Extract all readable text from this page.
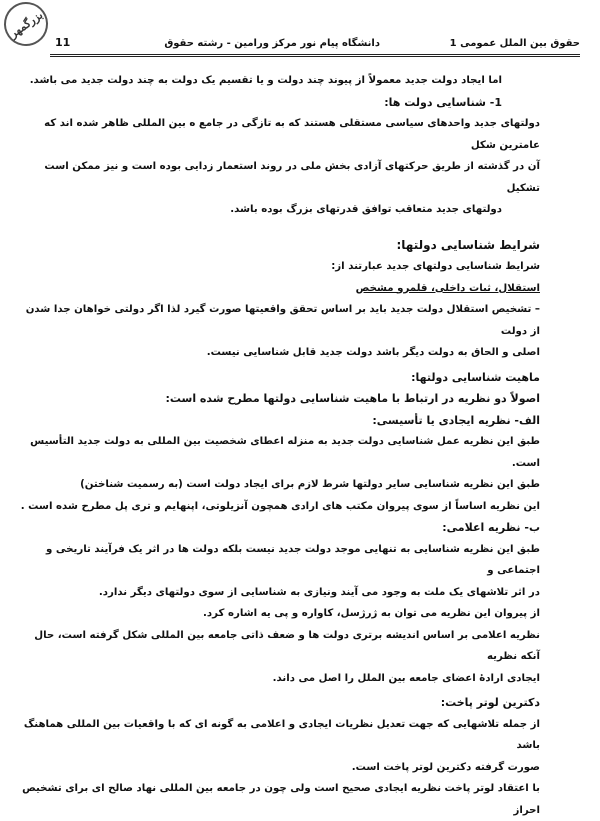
بزرگمهر
حقوق بین الملل عمومی 1
دانشگاه پیام نور مرکز ورامین - رشته حقوق
11

اما ایجاد دولت جدید معمولاً از پیوند چند دولت و یا تقسیم یک دولت به چند دولت جدید می باشد.

1- شناسایی دولت ها:

دولتهای جدید واحدهای سیاسی مستقلی هستند که به تازگی در جامع ه بین المللی ظاهر شده اند که عامترین شکل

آن در گذشته از طریق حرکتهای آزادی بخش ملی در روند استعمار زدایی بوده است و نیز ممکن است تشکیل

دولتهای جدید متعاقب توافق قدرتهای بزرگ بوده باشد.

شرایط شناسایی دولتها:

شرایط شناسایی دولتهای جدید عبارتند از:

استقلال، ثبات داخلی، قلمرو مشخص

– تشخیص استقلال دولت جدید باید بر اساس تحقق واقعیتها صورت گیرد لذا اگر دولتی خواهان جدا شدن از دولت

اصلی و الحاق به دولت دیگر باشد دولت جدید قابل شناسایی نیست.

ماهیت شناسایی دولتها:

اصولاً دو نظریه در ارتباط با ماهیت شناسایی دولتها مطرح شده است:

الف- نظریه ایجادی یا تأسیسی:

طبق این نظریه عمل شناسایی دولت جدید به منزله اعطای شخصیت بین المللی به دولت جدید التأسیس است.

طبق این نظریه شناسایی سایر دولتها شرط لازم برای ایجاد دولت است (به رسمیت شناختن)

این نظریه اساساً از سوی پیروان مکتب های ارادی همچون آنزیلوتی، اپنهایم و تری پل مطرح شده است .

ب- نظریه اعلامی:

طبق این نظریه شناسایی به تنهایی موجد دولت جدید نیست بلکه دولت ها در اثر یک فرآیند تاریخی و اجتماعی و

در اثر تلاشهای یک ملت به وجود می آیند ونیازی به شناسایی از سوی دولتهای دیگر ندارد.

از پیروان این نظریه می توان به ژرژسل، کاواره و پی یه اشاره کرد.

نظریه اعلامی بر اساس اندیشه برتری دولت ها و ضعف ذاتی جامعه بین المللی شکل گرفته است، حال آنکه نظریه

ایجادی ارادهٔ اعضای جامعه بین الملل را اصل می داند.

دکترین لوتر پاخت:

از جمله تلاشهایی که جهت تعدیل نظریات ایجادی و اعلامی به گونه ای که با واقعیات بین المللی هماهنگ باشد

صورت گرفته دکترین لوتر پاخت است.

با اعتقاد لوتر پاخت نظریه ایجادی صحیح است ولی چون در جامعه بین المللی نهاد صالح ای برای تشخیص احراز
